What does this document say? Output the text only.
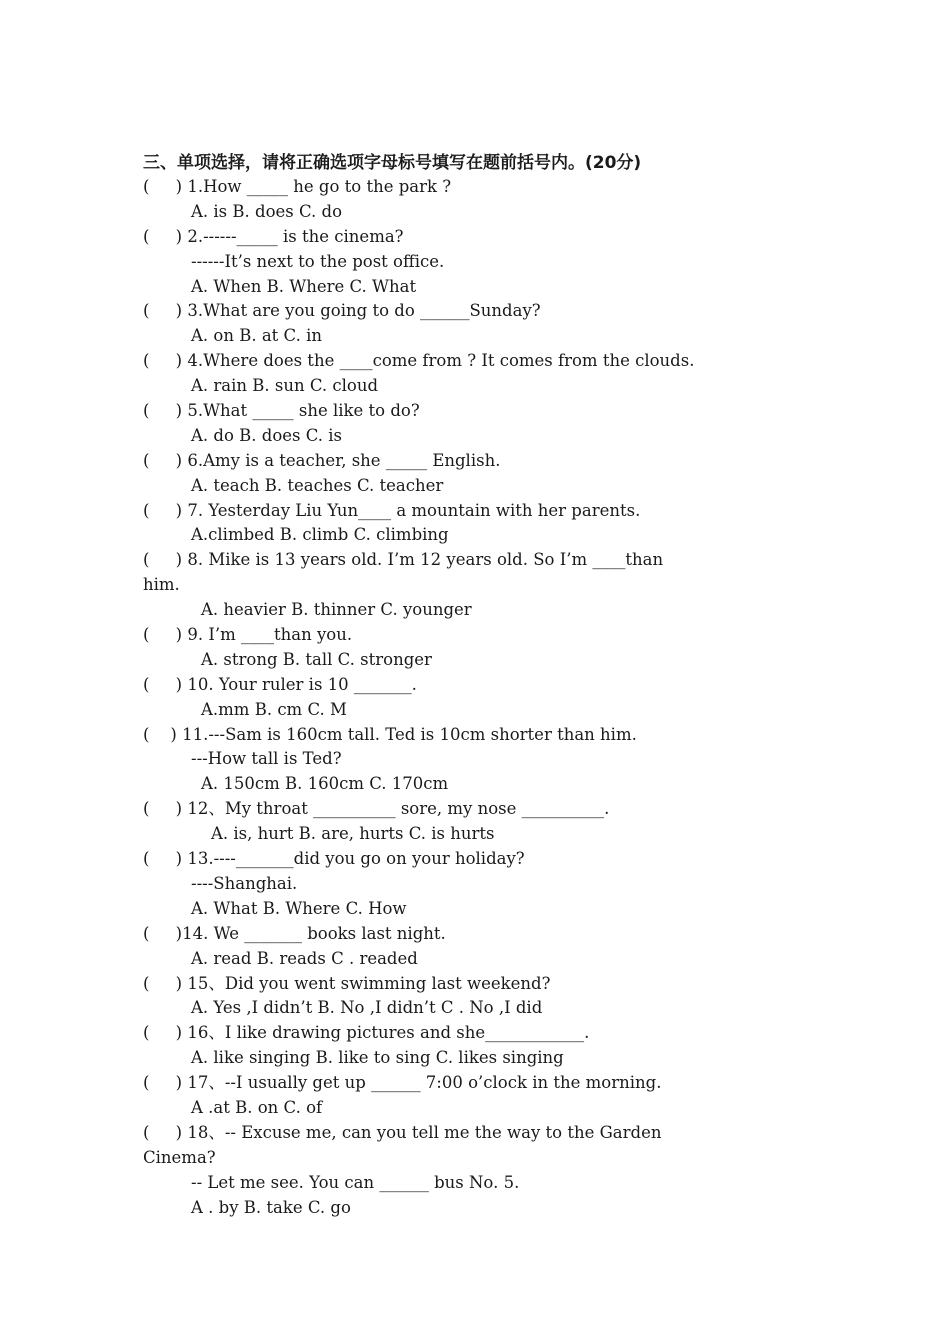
三、单项选择，请将正确选项字母标号填写在题前括号内。(20分)
(     ) 1.How _____ he go to the park ?
A. is B. does C. do
(     ) 2.------_____ is the cinema?
------It’s next to the post office.
A. When B. Where C. What
(     ) 3.What are you going to do ______Sunday?
A. on B. at C. in
(     ) 4.Where does the ____come from ? It comes from the clouds.
A. rain B. sun C. cloud
(     ) 5.What _____ she like to do?
A. do B. does C. is
(     ) 6.Amy is a teacher, she _____ English.
A. teach B. teaches C. teacher
(     ) 7. Yesterday Liu Yun____ a mountain with her parents.
A.climbed B. climb C. climbing
(     ) 8. Mike is 13 years old. I’m 12 years old. So I’m ____than
him.
A. heavier B. thinner C. younger
(     ) 9. I’m ____than you.
A. strong B. tall C. stronger
(     ) 10. Your ruler is 10 _______.
A.mm B. cm C. M
(    ) 11.---Sam is 160cm tall. Ted is 10cm shorter than him.
---How tall is Ted?
A. 150cm B. 160cm C. 170cm
(     ) 12、My throat __________ sore, my nose __________.
A. is, hurt B. are, hurts C. is hurts
(     ) 13.----_______did you go on your holiday?
----Shanghai.
A. What B. Where C. How
(     )14. We _______ books last night.
A. read B. reads C . readed
(     ) 15、Did you went swimming last weekend?
A. Yes ,I didn’t B. No ,I didn’t C . No ,I did
(     ) 16、I like drawing pictures and she____________.
A. like singing B. like to sing C. likes singing
(     ) 17、--I usually get up ______ 7:00 o’clock in the morning.
A .at B. on C. of
(     ) 18、-- Excuse me, can you tell me the way to the Garden
Cinema?
-- Let me see. You can ______ bus No. 5.
A . by B. take C. go
